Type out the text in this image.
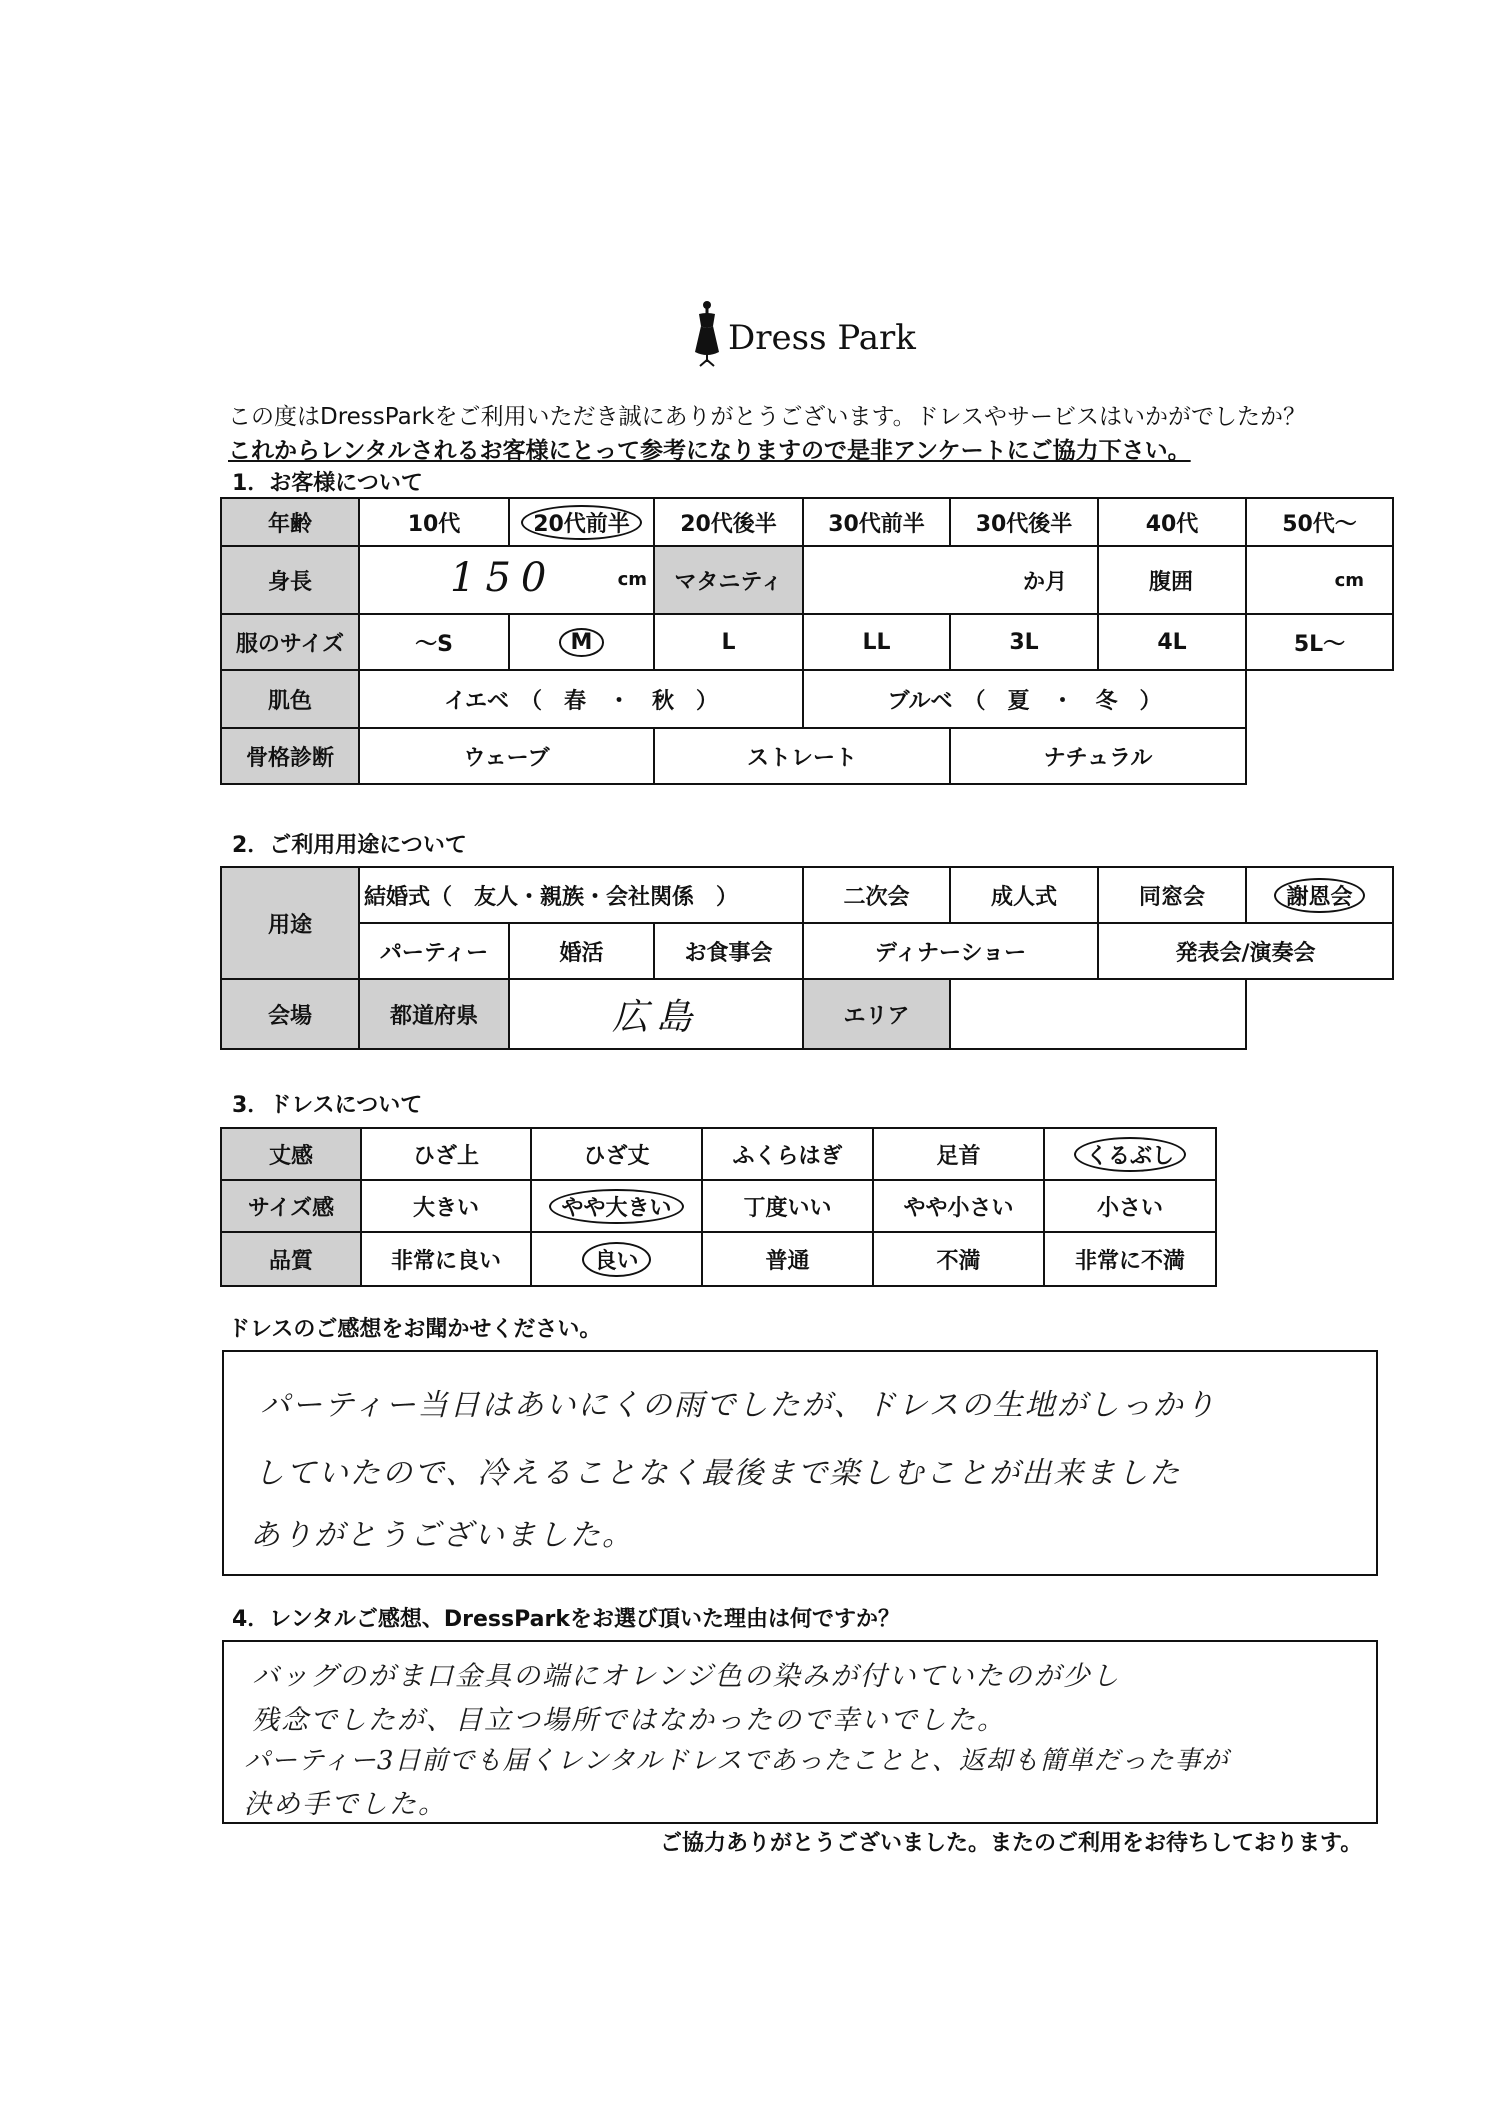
Dress Park
この度はDressParkをご利用いただき誠にありがとうございます。ドレスやサービスはいかがでしたか？
これからレンタルされるお客様にとって参考になりますので是非アンケートにご協力下さい。
1．お客様について
年齢	10代	20代前半	20代後半	30代前半	30代後半	40代	50代～
身長	150 cm		マタニティ	か月		腹囲	cm
服のサイズ	～S	M	L	LL	3L	4L	5L～
肌色	イエベ　（　春　・　秋　）			ブルベ　（　夏　・　冬　）			
骨格診断	ウェーブ		ストレート		ナチュラル		
2．ご利用用途について
用途	結婚式（　友人・親族・会社関係　）			二次会	成人式	同窓会	謝恩会
	パーティー	婚活	お食事会	ディナーショー		発表会/演奏会	
会場	都道府県	広島		エリア			
3．ドレスについて
丈感	ひざ上	ひざ丈	ふくらはぎ	足首	くるぶし
サイズ感	大きい	やや大きい	丁度いい	やや小さい	小さい
品質	非常に良い	良い	普通	不満	非常に不満
ドレスのご感想をお聞かせください。
パーティー当日はあいにくの雨でしたが、ドレスの生地がしっかり
していたので、冷えることなく最後まで楽しむことが出来ました
ありがとうございました。
4．レンタルご感想、DressParkをお選び頂いた理由は何ですか？
バッグのがま口金具の端にオレンジ色の染みが付いていたのが少し
残念でしたが、目立つ場所ではなかったので幸いでした。
パーティー3日前でも届くレンタルドレスであったことと、返却も簡単だった事が
決め手でした。
ご協力ありがとうございました。またのご利用をお待ちしております。
